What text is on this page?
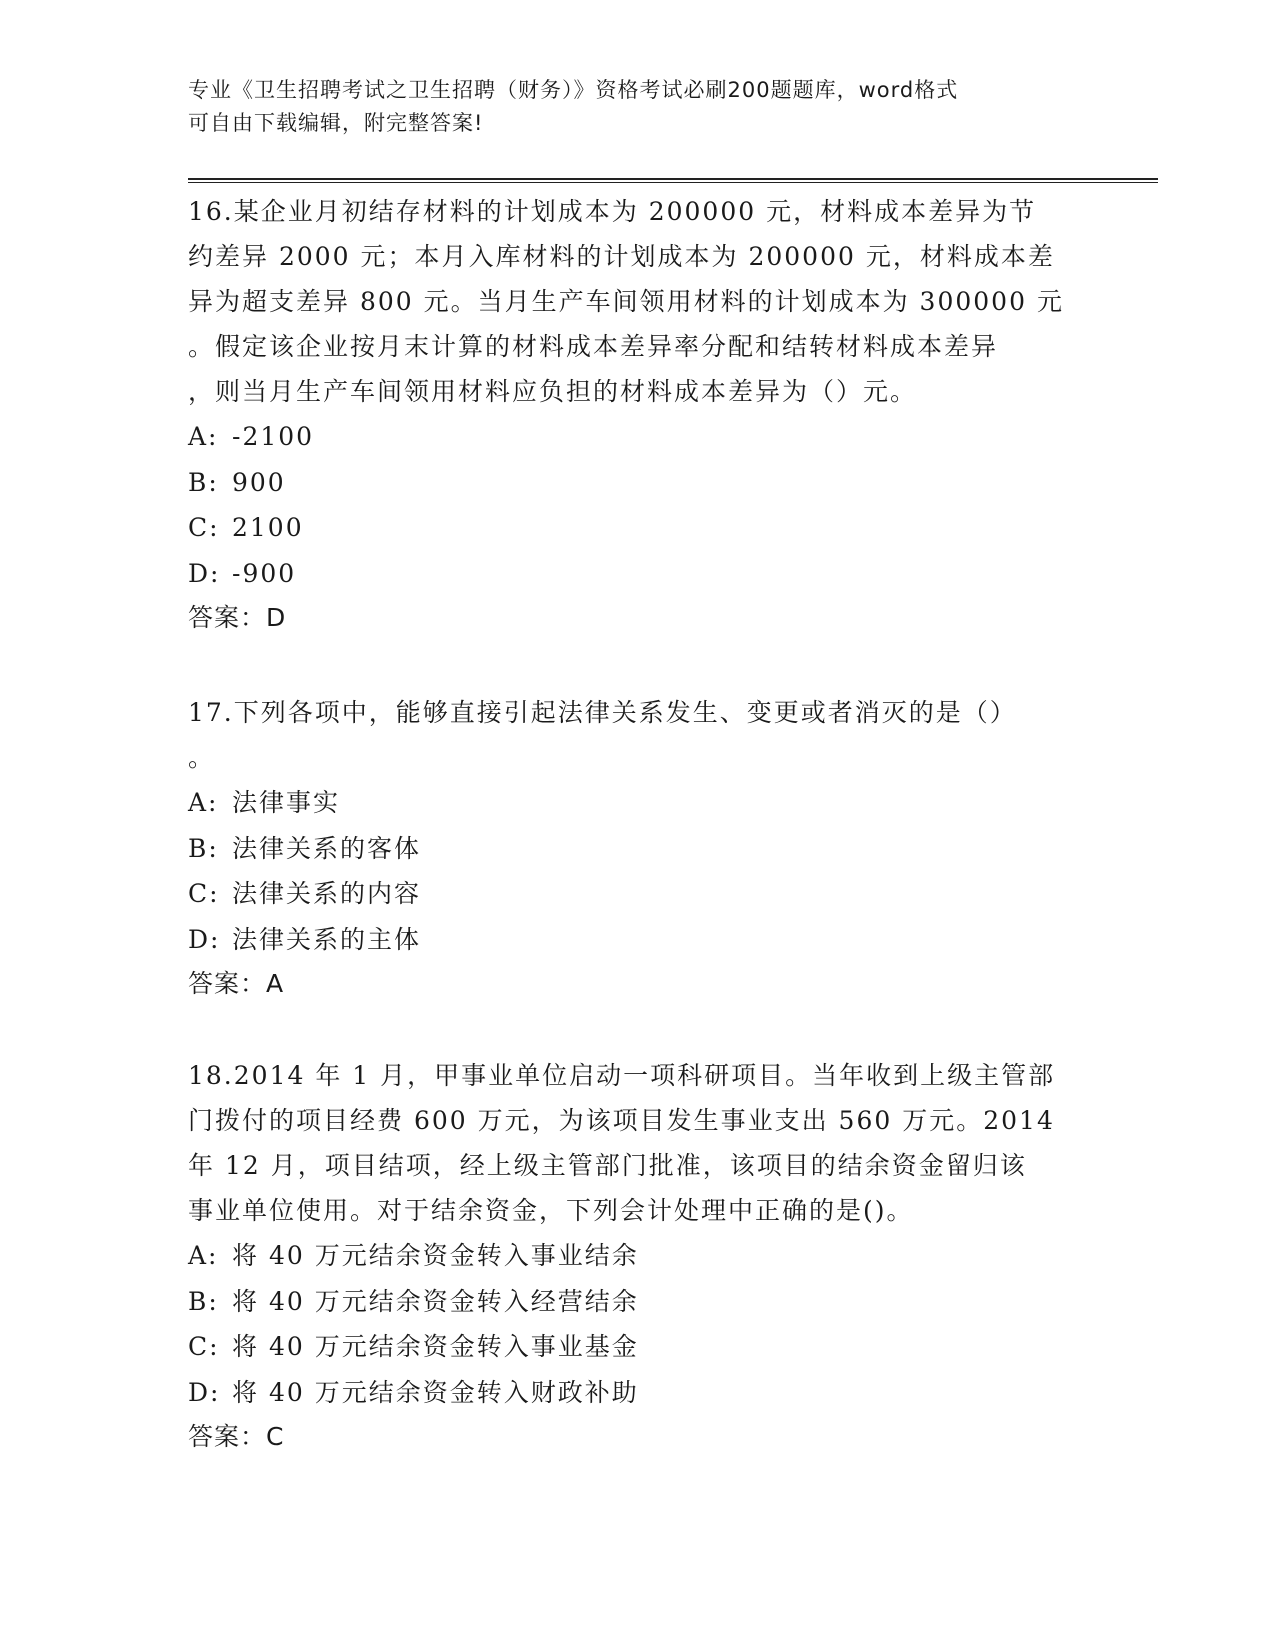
专业《卫生招聘考试之卫生招聘（财务）》资格考试必刷200题题库，word格式
可自由下载编辑，附完整答案!
16.某企业月初结存材料的计划成本为 200000 元，材料成本差异为节
约差异 2000 元；本月入库材料的计划成本为 200000 元，材料成本差
异为超支差异 800 元。当月生产车间领用材料的计划成本为 300000 元
。假定该企业按月末计算的材料成本差异率分配和结转材料成本差异
，则当月生产车间领用材料应负担的材料成本差异为（）元。
A: -2100
B: 900
C: 2100
D: -900
答案：D
17.下列各项中，能够直接引起法律关系发生、变更或者消灭的是（）
。
A: 法律事实
B: 法律关系的客体
C: 法律关系的内容
D: 法律关系的主体
答案：A
18.2014 年 1 月，甲事业单位启动一项科研项目。当年收到上级主管部
门拨付的项目经费 600 万元，为该项目发生事业支出 560 万元。2014
年 12 月，项目结项，经上级主管部门批准，该项目的结余资金留归该
事业单位使用。对于结余资金，下列会计处理中正确的是()。
A: 将 40 万元结余资金转入事业结余
B: 将 40 万元结余资金转入经营结余
C: 将 40 万元结余资金转入事业基金
D: 将 40 万元结余资金转入财政补助
答案：C
